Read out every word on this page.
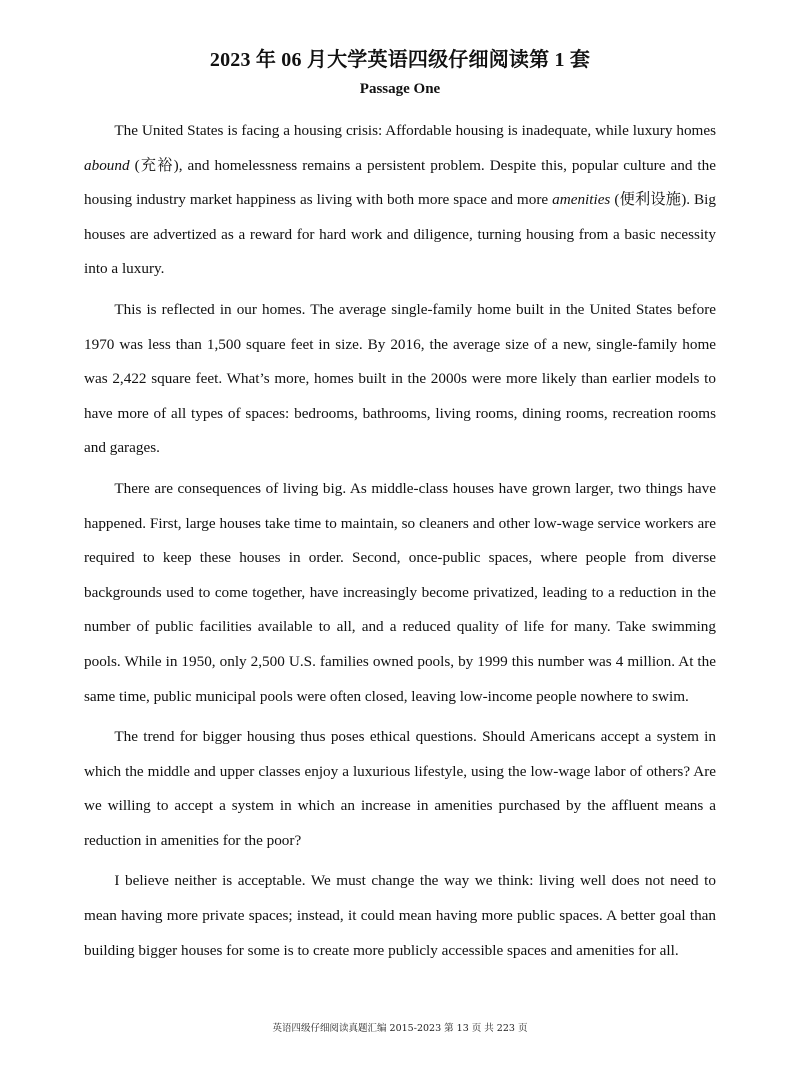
2023 年 06 月大学英语四级仔细阅读第 1 套
Passage One

The United States is facing a housing crisis: Affordable housing is inadequate, while luxury homes abound (充裕), and homelessness remains a persistent problem. Despite this, popular culture and the housing industry market happiness as living with both more space and more amenities (便利设施). Big houses are advertized as a reward for hard work and diligence, turning housing from a basic necessity into a luxury.

This is reflected in our homes. The average single-family home built in the United States before 1970 was less than 1,500 square feet in size. By 2016, the average size of a new, single-family home was 2,422 square feet. What’s more, homes built in the 2000s were more likely than earlier models to have more of all types of spaces: bedrooms, bathrooms, living rooms, dining rooms, recreation rooms and garages.

There are consequences of living big. As middle-class houses have grown larger, two things have happened. First, large houses take time to maintain, so cleaners and other low-wage service workers are required to keep these houses in order. Second, once-public spaces, where people from diverse backgrounds used to come together, have increasingly become privatized, leading to a reduction in the number of public facilities available to all, and a reduced quality of life for many. Take swimming pools. While in 1950, only 2,500 U.S. families owned pools, by 1999 this number was 4 million. At the same time, public municipal pools were often closed, leaving low-income people nowhere to swim.

The trend for bigger housing thus poses ethical questions. Should Americans accept a system in which the middle and upper classes enjoy a luxurious lifestyle, using the low-wage labor of others? Are we willing to accept a system in which an increase in amenities purchased by the affluent means a reduction in amenities for the poor?

I believe neither is acceptable. We must change the way we think: living well does not need to mean having more private spaces; instead, it could mean having more public spaces. A better goal than building bigger houses for some is to create more publicly accessible spaces and amenities for all.

英语四级仔细阅读真题汇编 2015-2023 第 13 页 共 223 页
